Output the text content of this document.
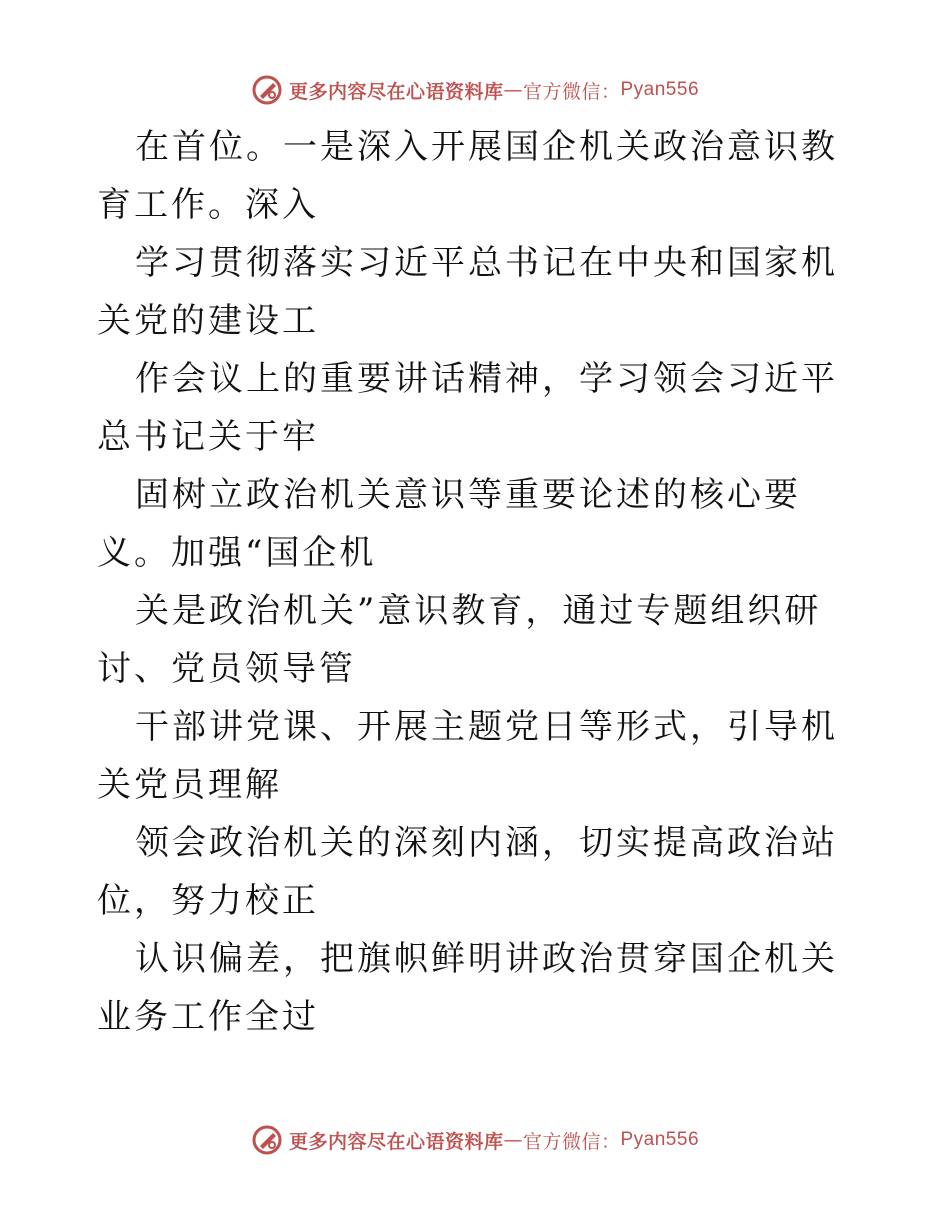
更多内容尽在心语资料库 — 官方微信： Pyan556

在首位。一是深入开展国企机关政治意识教育工作。深入

学习贯彻落实习近平总书记在中央和国家机关党的建设工

作会议上的重要讲话精神，学习领会习近平总书记关于牢

固树立政治机关意识等重要论述的核心要义。加强“国企机

关是政治机关”意识教育，通过专题组织研讨、党员领导管

干部讲党课、开展主题党日等形式，引导机关党员理解

领会政治机关的深刻内涵，切实提高政治站位，努力校正

认识偏差，把旗帜鲜明讲政治贯穿国企机关业务工作全过

更多内容尽在心语资料库 — 官方微信： Pyan556
